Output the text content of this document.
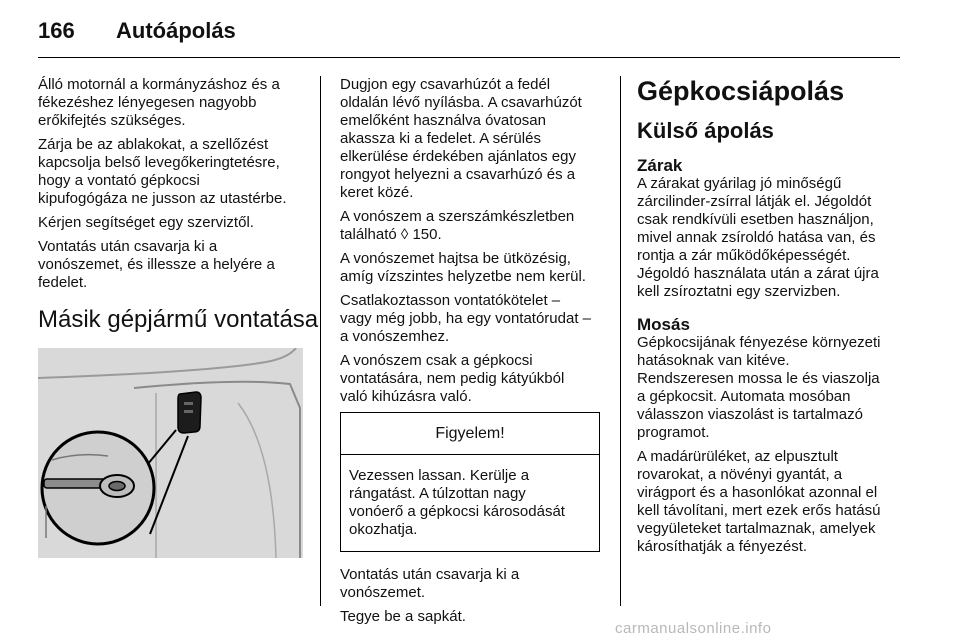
166 Autóápolás

Álló motornál a kormányzáshoz és a
fékezéshez lényegesen nagyobb
erőkifejtés szükséges.

Zárja be az ablakokat, a szellőzést
kapcsolja belső levegőkeringtetésre,
hogy a vontató gépkocsi
kipufogógáza ne jusson az utastérbe.

Kérjen segítséget egy szerviztől.

Vontatás után csavarja ki a
vonószemet, és illessze a helyére a
fedelet.

Másik gépjármű vontatása

Dugjon egy csavarhúzót a fedél
oldalán lévő nyílásba. A csavarhúzót
emelőként használva óvatosan
akassza ki a fedelet. A sérülés
elkerülése érdekében ajánlatos egy
rongyot helyezni a csavarhúzó és a
keret közé.

A vonószem a szerszámkészletben
található ◊ 150.

A vonószemet hajtsa be ütközésig,
amíg vízszintes helyzetbe nem kerül.

Csatlakoztasson vontatókötelet –
vagy még jobb, ha egy vontatórudat –
a vonószemhez.

A vonószem csak a gépkocsi
vontatására, nem pedig kátyúkból
való kihúzásra való.

Figyelem!
Vezessen lassan. Kerülje a
rángatást. A túlzottan nagy
vonóerő a gépkocsi károsodását
okozhatja.

Vontatás után csavarja ki a
vonószemet.

Tegye be a sapkát.

Gépkocsiápolás
Külső ápolás
Zárak

A zárakat gyárilag jó minőségű
zárcilinder-zsírral látják el. Jégoldót
csak rendkívüli esetben használjon,
mivel annak zsíroldó hatása van, és
rontja a zár működőképességét.
Jégoldó használata után a zárat újra
kell zsíroztatni egy szervizben.

Mosás

Gépkocsijának fényezése környezeti
hatásoknak van kitéve.
Rendszeresen mossa le és viaszolja
a gépkocsit. Automata mosóban
válasszon viaszolást is tartalmazó
programot.

A madárürüléket, az elpusztult
rovarokat, a növényi gyantát, a
virágport és a hasonlókat azonnal el
kell távolítani, mert ezek erős hatású
vegyületeket tartalmaznak, amelyek
károsíthatják a fényezést.

carmanualsonline.info
